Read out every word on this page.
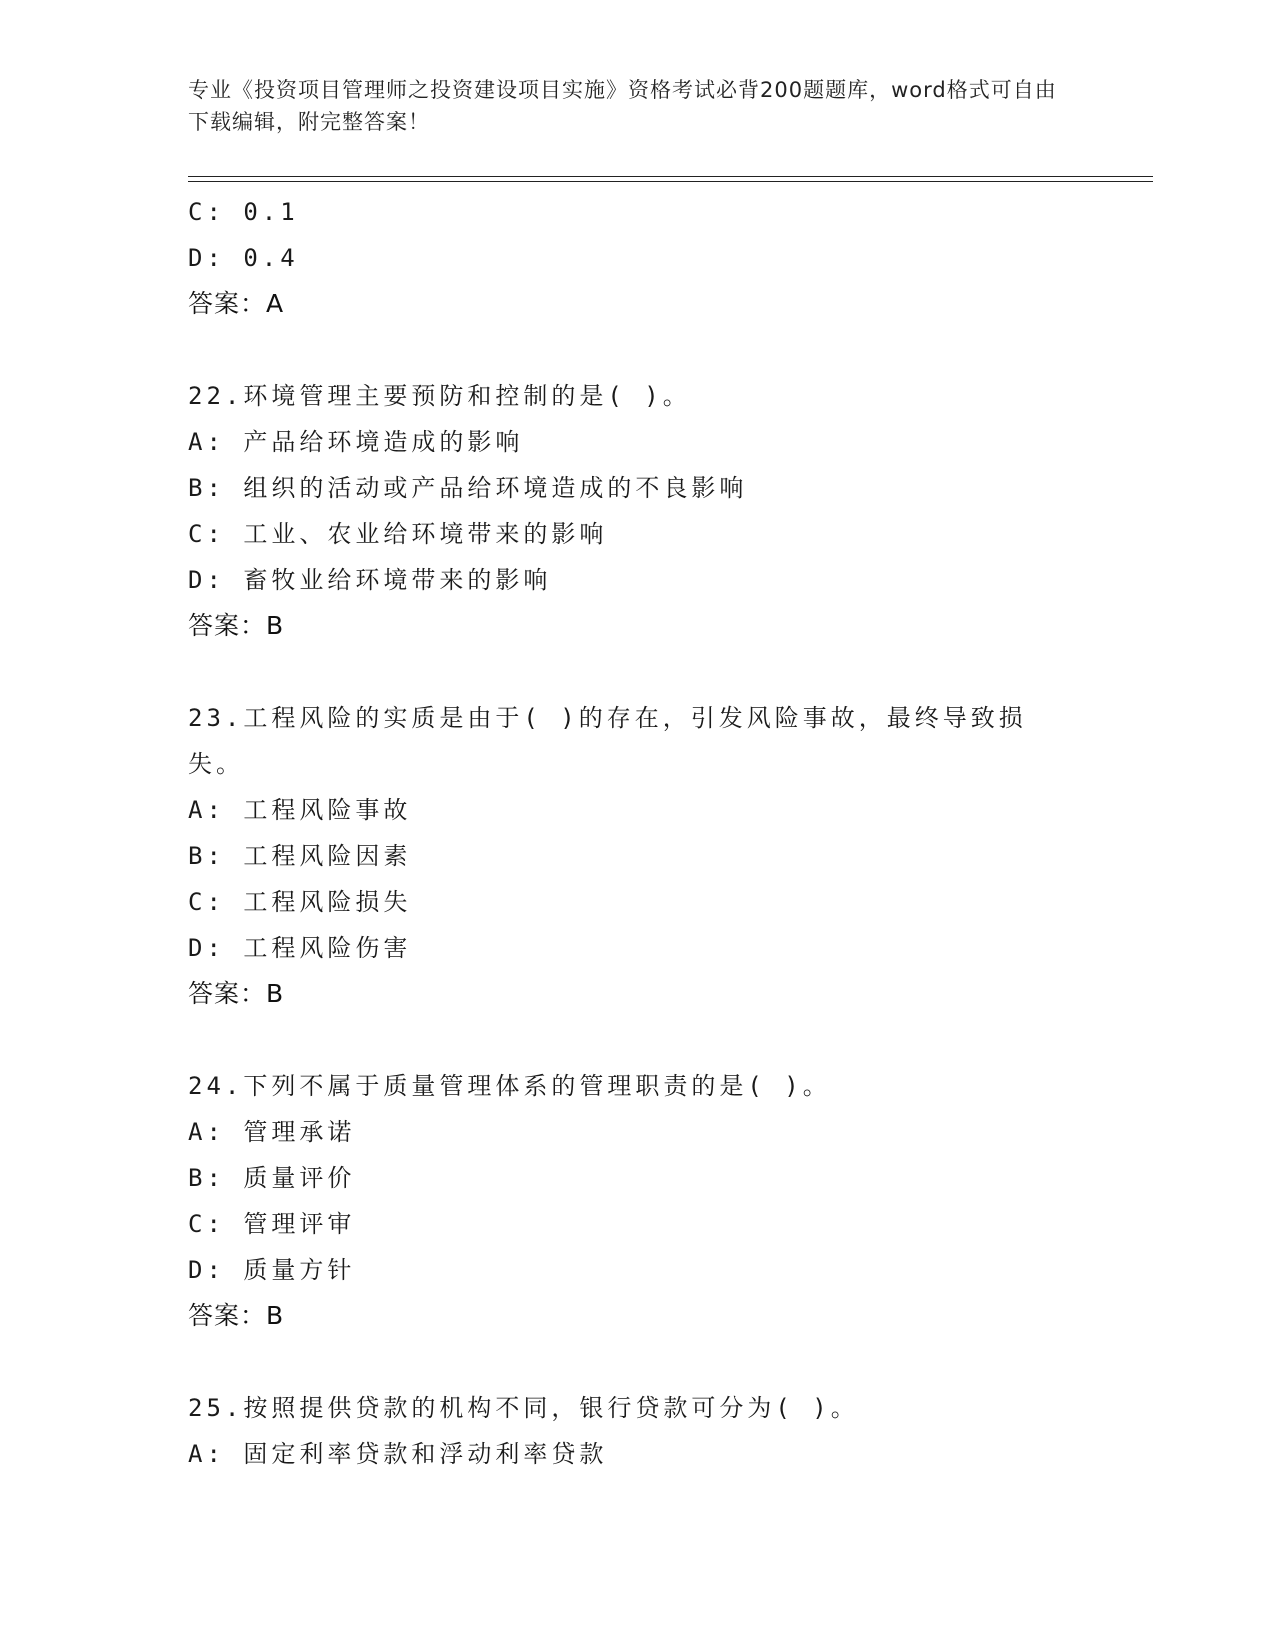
专业《投资项目管理师之投资建设项目实施》资格考试必背200题题库，word格式可自由下载编辑，附完整答案！
C: 0.1
D: 0.4
答案：A
22.环境管理主要预防和控制的是( )。
A: 产品给环境造成的影响
B: 组织的活动或产品给环境造成的不良影响
C: 工业、农业给环境带来的影响
D: 畜牧业给环境带来的影响
答案：B
23.工程风险的实质是由于( )的存在，引发风险事故，最终导致损失。
A: 工程风险事故
B: 工程风险因素
C: 工程风险损失
D: 工程风险伤害
答案：B
24.下列不属于质量管理体系的管理职责的是( )。
A: 管理承诺
B: 质量评价
C: 管理评审
D: 质量方针
答案：B
25.按照提供贷款的机构不同，银行贷款可分为( )。
A: 固定利率贷款和浮动利率贷款
